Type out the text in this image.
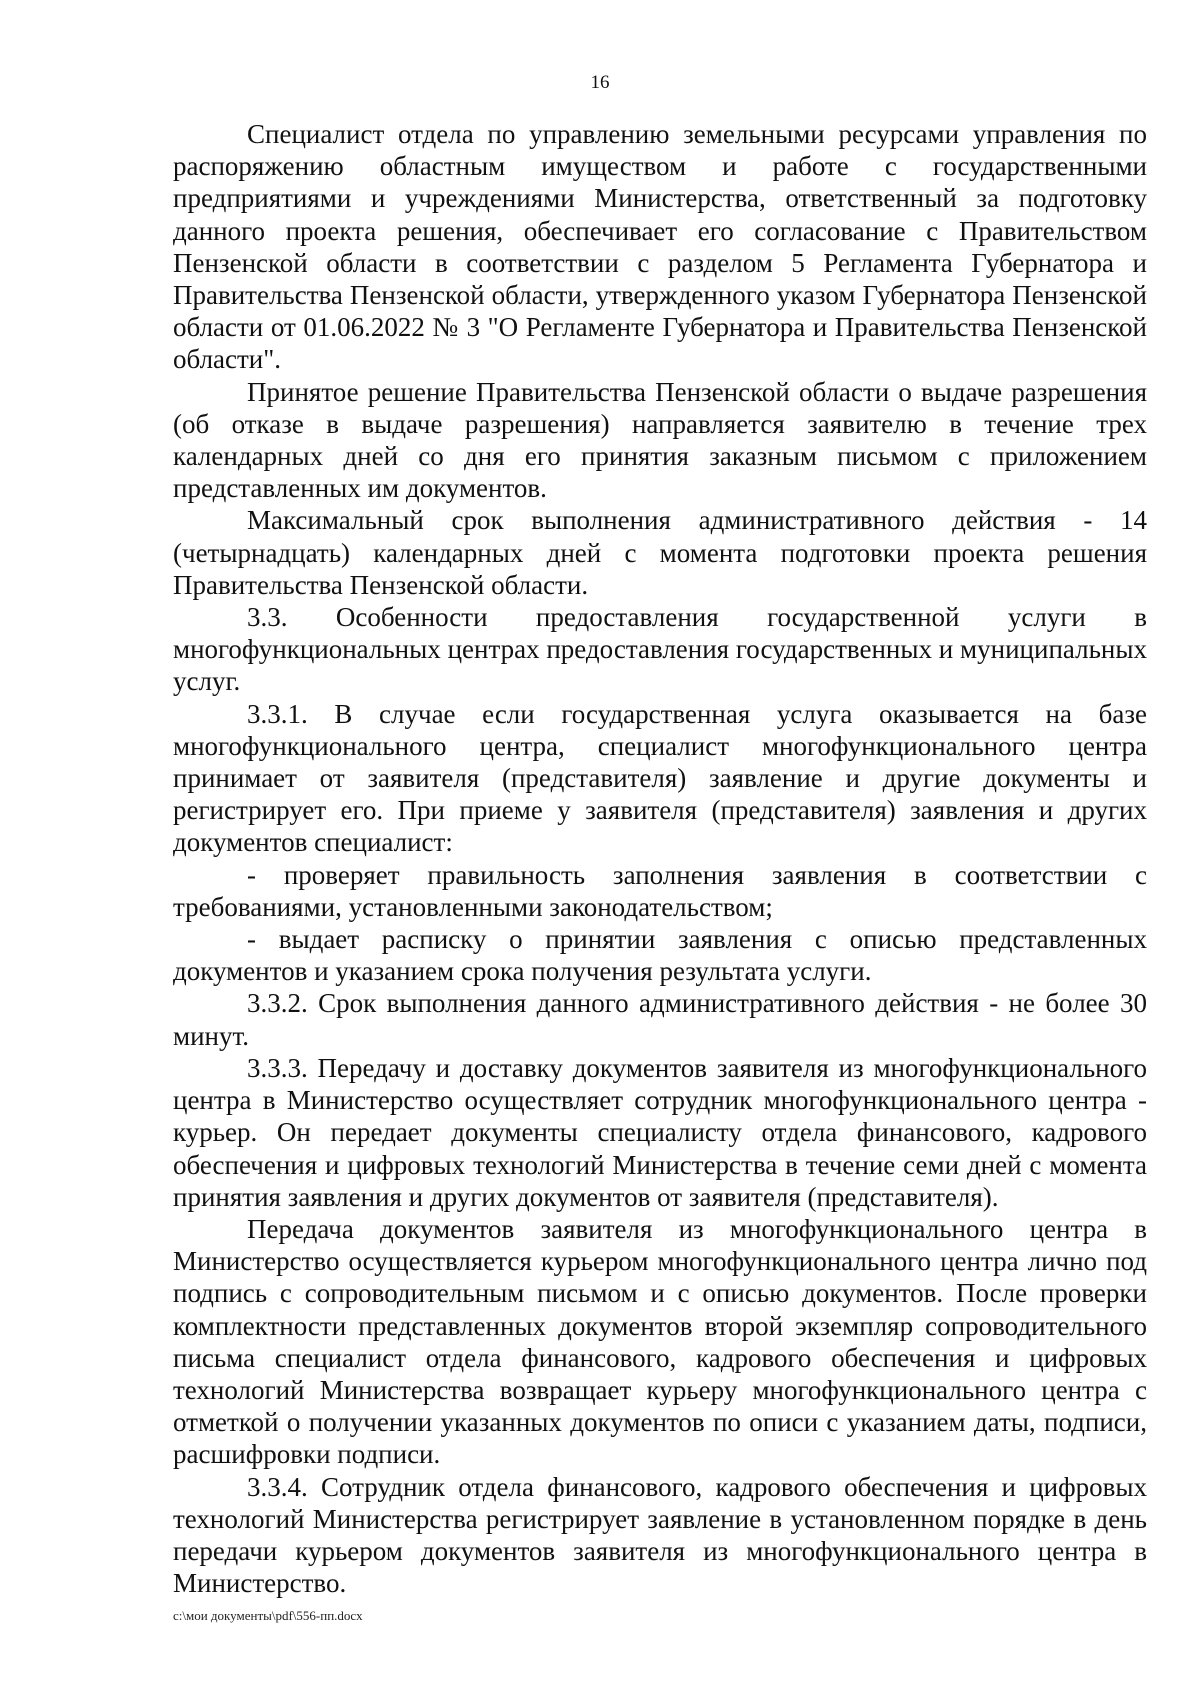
16

Специалист отдела по управлению земельными ресурсами управления по распоряжению областным имуществом и работе с государственными предприятиями и учреждениями Министерства, ответственный за подготовку данного проекта решения, обеспечивает его согласование с Правительством Пензенской области в соответствии с разделом 5 Регламента Губернатора и Правительства Пензенской области, утвержденного указом Губернатора Пензенской области от 01.06.2022 № 3 "О Регламенте Губернатора и Правительства Пензенской области".

Принятое решение Правительства Пензенской области о выдаче разрешения (об отказе в выдаче разрешения) направляется заявителю в течение трех календарных дней со дня его принятия заказным письмом с приложением представленных им документов.

Максимальный срок выполнения административного действия - 14 (четырнадцать) календарных дней с момента подготовки проекта решения Правительства Пензенской области.

3.3. Особенности предоставления государственной услуги в многофункциональных центрах предоставления государственных и муниципальных услуг.

3.3.1. В случае если государственная услуга оказывается на базе многофункционального центра, специалист многофункционального центра принимает от заявителя (представителя) заявление и другие документы и регистрирует его. При приеме у заявителя (представителя) заявления и других документов специалист:

- проверяет правильность заполнения заявления в соответствии с требованиями, установленными законодательством;

- выдает расписку о принятии заявления с описью представленных документов и указанием срока получения результата услуги.

3.3.2. Срок выполнения данного административного действия - не более 30 минут.

3.3.3. Передачу и доставку документов заявителя из многофункционального центра в Министерство осуществляет сотрудник многофункционального центра - курьер. Он передает документы специалисту отдела финансового, кадрового обеспечения и цифровых технологий Министерства в течение семи дней с момента принятия заявления и других документов от заявителя (представителя).

Передача документов заявителя из многофункционального центра в Министерство осуществляется курьером многофункционального центра лично под подпись с сопроводительным письмом и с описью документов. После проверки комплектности представленных документов второй экземпляр сопроводительного письма специалист отдела финансового, кадрового обеспечения и цифровых технологий Министерства возвращает курьеру многофункционального центра с отметкой о получении указанных документов по описи с указанием даты, подписи, расшифровки подписи.

3.3.4. Сотрудник отдела финансового, кадрового обеспечения и цифровых технологий Министерства регистрирует заявление в установленном порядке в день передачи курьером документов заявителя из многофункционального центра в Министерство.

c:\мои документы\pdf\556-пп.docx
